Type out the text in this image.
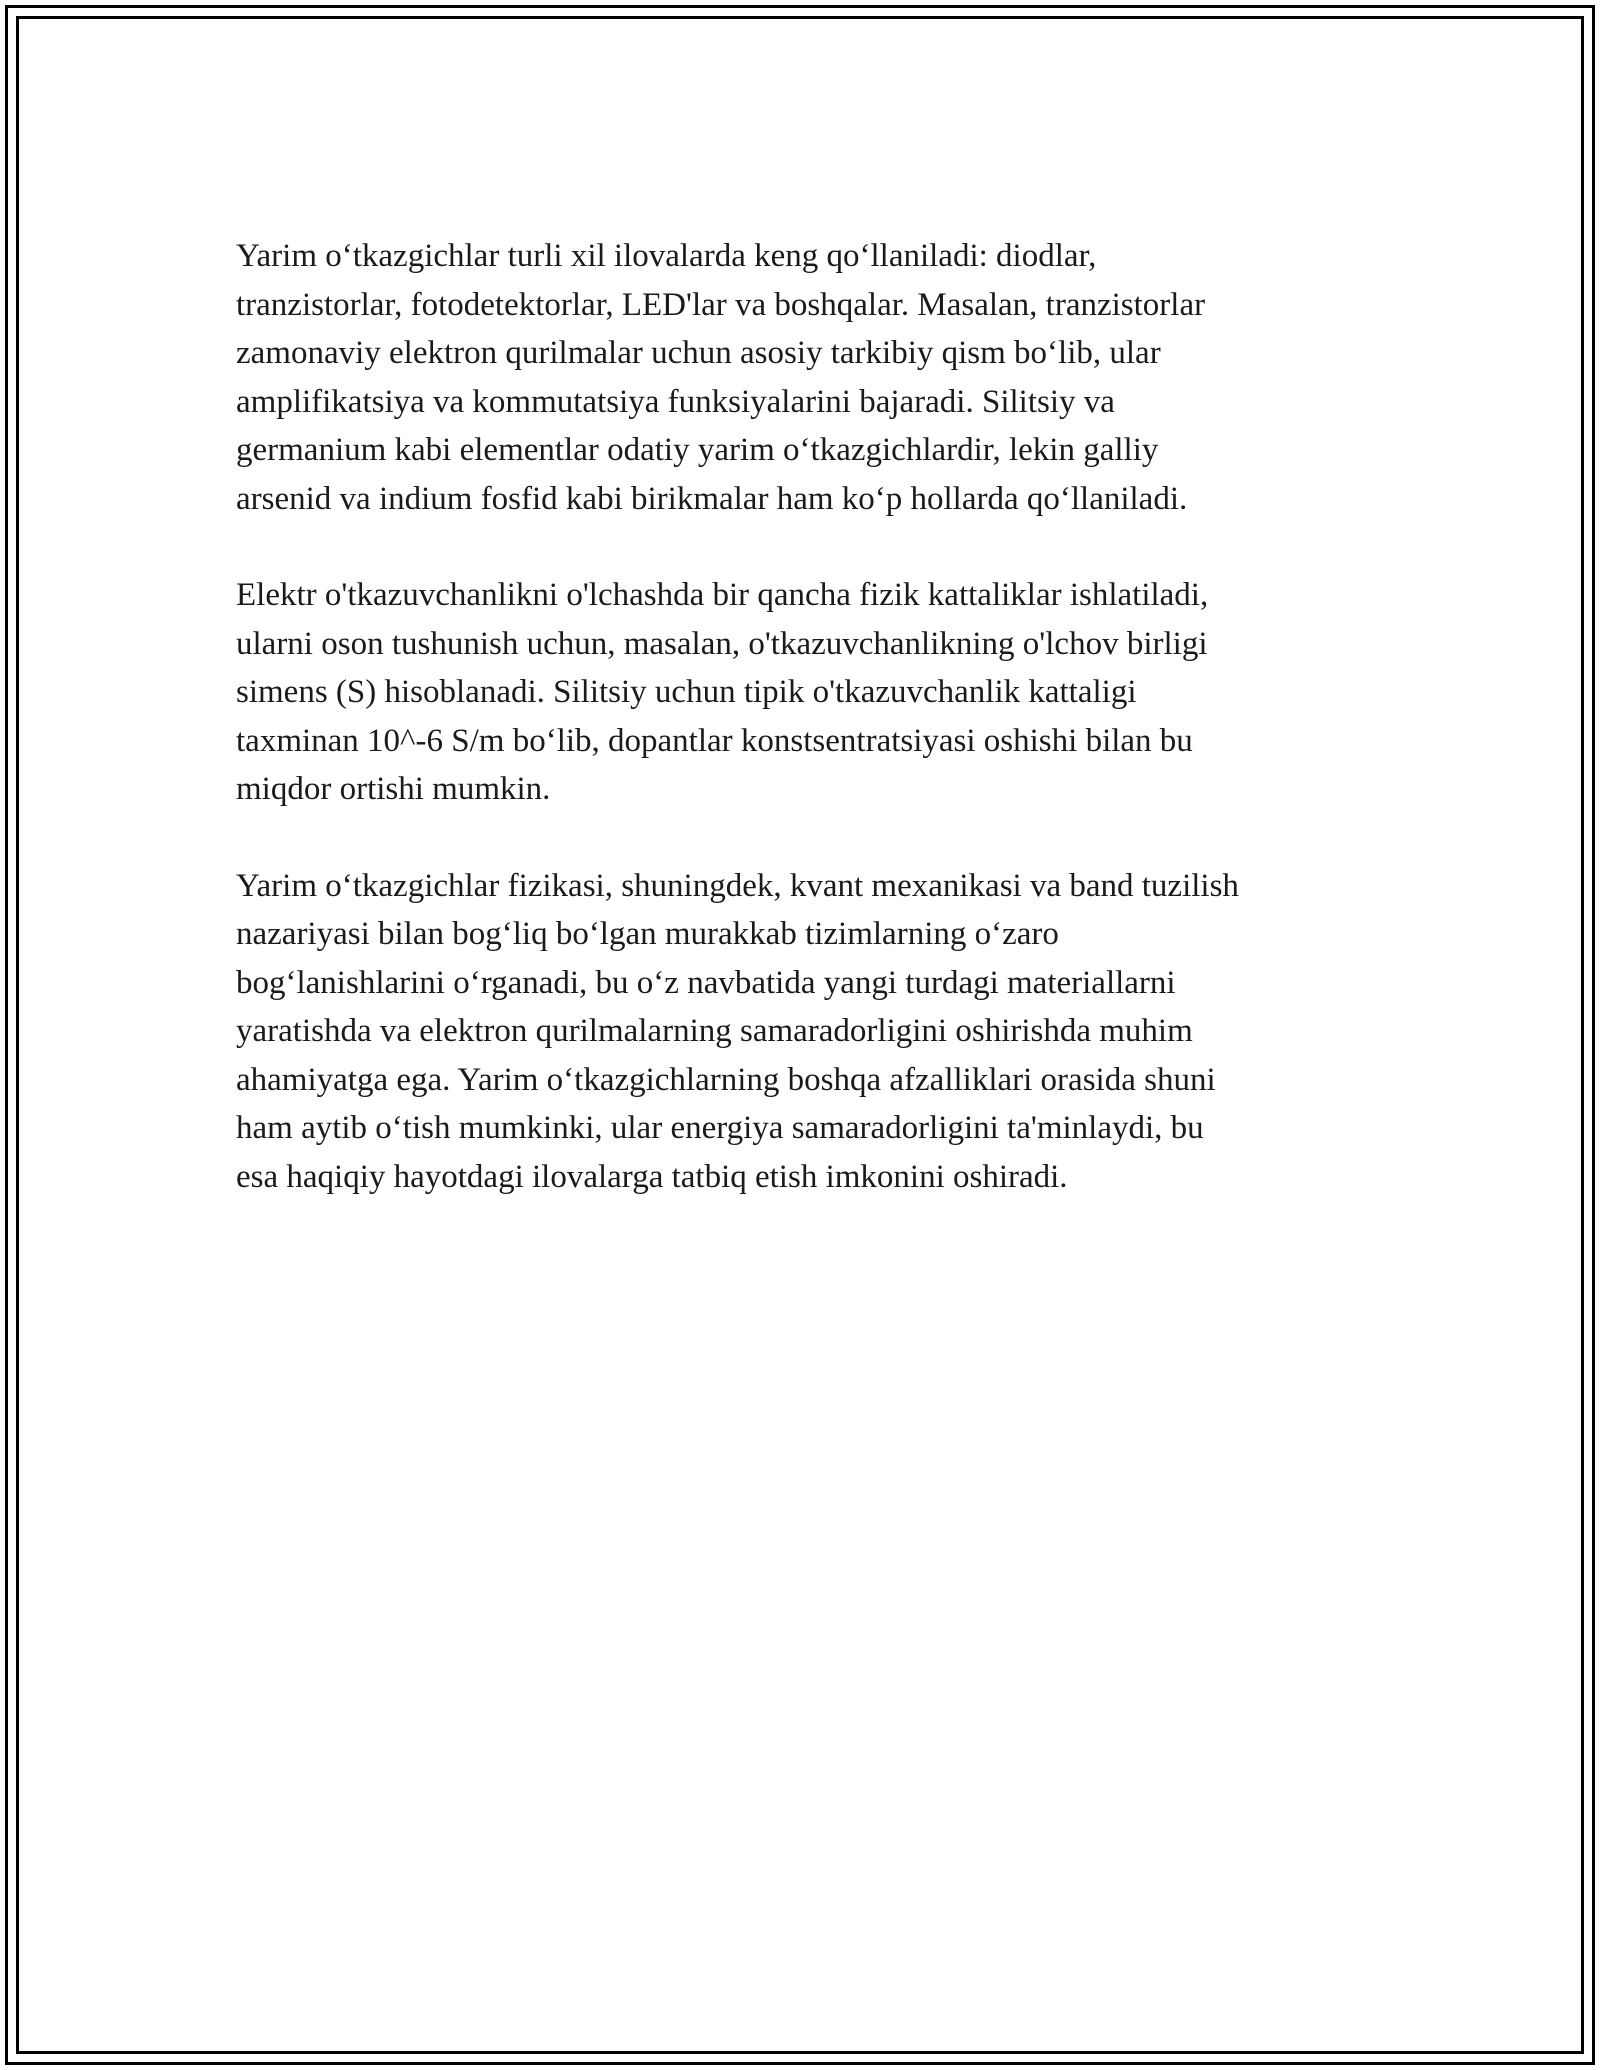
Yarim o‘tkazgichlar turli xil ilovalarda keng qo‘llaniladi: diodlar,
tranzistorlar, fotodetektorlar, LED'lar va boshqalar. Masalan, tranzistorlar
zamonaviy elektron qurilmalar uchun asosiy tarkibiy qism bo‘lib, ular
amplifikatsiya va kommutatsiya funksiyalarini bajaradi. Silitsiy va
germanium kabi elementlar odatiy yarim o‘tkazgichlardir, lekin galliy
arsenid va indium fosfid kabi birikmalar ham ko‘p hollarda qo‘llaniladi.

Elektr o'tkazuvchanlikni o'lchashda bir qancha fizik kattaliklar ishlatiladi,
ularni oson tushunish uchun, masalan, o'tkazuvchanlikning o'lchov birligi
simens (S) hisoblanadi. Silitsiy uchun tipik o'tkazuvchanlik kattaligi
taxminan 10^-6 S/m bo‘lib, dopantlar konstsentratsiyasi oshishi bilan bu
miqdor ortishi mumkin.

Yarim o‘tkazgichlar fizikasi, shuningdek, kvant mexanikasi va band tuzilish
nazariyasi bilan bog‘liq bo‘lgan murakkab tizimlarning o‘zaro
bog‘lanishlarini o‘rganadi, bu o‘z navbatida yangi turdagi materiallarni
yaratishda va elektron qurilmalarning samaradorligini oshirishda muhim
ahamiyatga ega. Yarim o‘tkazgichlarning boshqa afzalliklari orasida shuni
ham aytib o‘tish mumkinki, ular energiya samaradorligini ta'minlaydi, bu
esa haqiqiy hayotdagi ilovalarga tatbiq etish imkonini oshiradi.
